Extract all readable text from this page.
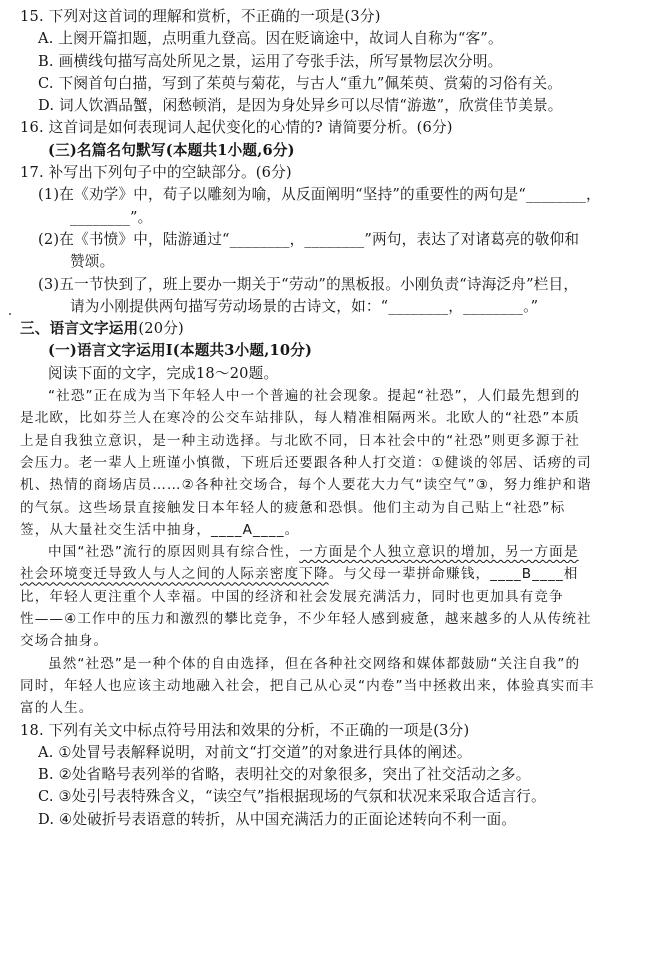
15. 下列对这首词的理解和赏析，不正确的一项是(3分)
A. 上阕开篇扣题，点明重九登高。因在贬谪途中，故词人自称为“客”。
B. 画横线句描写高处所见之景，运用了夸张手法，所写景物层次分明。
C. 下阕首句白描，写到了茱萸与菊花，与古人“重九”佩茱萸、赏菊的习俗有关。
D. 词人饮酒品蟹，闲愁顿消，是因为身处异乡可以尽情“游遨”，欣赏佳节美景。
16. 这首词是如何表现词人起伏变化的心情的? 请简要分析。(6分)
(三)名篇名句默写(本题共1小题,6分)
17. 补写出下列句子中的空缺部分。(6分)
(1)在《劝学》中，荀子以雕刻为喻，从反面阐明“坚持”的重要性的两句是“________，
________”。
(2)在《书愤》中，陆游通过“________，________”两句，表达了对诸葛亮的敬仰和
赞颂。
(3)五一节快到了，班上要办一期关于“劳动”的黑板报。小刚负责“诗海泛舟”栏目，
请为小刚提供两句描写劳动场景的古诗文，如：“________，________。”
三、语言文字运用(20分)
(一)语言文字运用Ⅰ(本题共3小题,10分)
阅读下面的文字，完成18～20题。
“社恐”正在成为当下年轻人中一个普遍的社会现象。提起“社恐”，人们最先想到的
是北欧，比如芬兰人在寒冷的公交车站排队，每人精准相隔两米。北欧人的“社恐”本质
上是自我独立意识，是一种主动选择。与北欧不同，日本社会中的“社恐”则更多源于社
会压力。老一辈人上班谨小慎微，下班后还要跟各种人打交道：①健谈的邻居、话痨的司
机、热情的商场店员……②各种社交场合，每个人要花大力气“读空气”③，努力维护和谐
的气氛。这些场景直接触发日本年轻人的疲惫和恐惧。他们主动为自己贴上“社恐”标
签，从大量社交生活中抽身，____A____。
中国“社恐”流行的原因则具有综合性，一方面是个人独立意识的增加，另一方面是
社会环境变迁导致人与人之间的人际亲密度下降。与父母一辈拼命赚钱，____B____相
比，年轻人更注重个人幸福。中国的经济和社会发展充满活力，同时也更加具有竞争
性——④工作中的压力和激烈的攀比竞争，不少年轻人感到疲惫，越来越多的人从传统社
交场合抽身。
虽然“社恐”是一种个体的自由选择，但在各种社交网络和媒体都鼓励“关注自我”的
同时，年轻人也应该主动地融入社会，把自己从心灵“内卷”当中拯救出来，体验真实而丰
富的人生。
18. 下列有关文中标点符号用法和效果的分析，不正确的一项是(3分)
A. ①处冒号表解释说明，对前文“打交道”的对象进行具体的阐述。
B. ②处省略号表列举的省略，表明社交的对象很多，突出了社交活动之多。
C. ③处引号表特殊含义，“读空气”指根据现场的气氛和状况来采取合适言行。
D. ④处破折号表语意的转折，从中国充满活力的正面论述转向不利一面。
